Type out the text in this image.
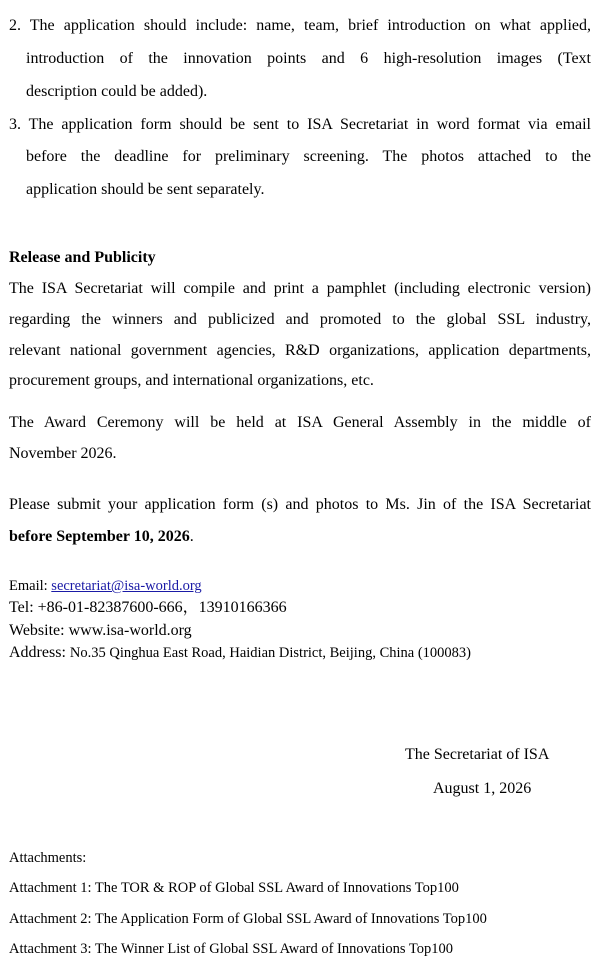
2. The application should include: name, team, brief introduction on what applied,
introduction of the innovation points and 6 high-resolution images (Text
description could be added).
3. The application form should be sent to ISA Secretariat in word format via email
before the deadline for preliminary screening. The photos attached to the
application should be sent separately.
Release and Publicity
The ISA Secretariat will compile and print a pamphlet (including electronic version)
regarding the winners and publicized and promoted to the global SSL industry,
relevant national government agencies, R&D organizations, application departments,
procurement groups, and international organizations, etc.
The Award Ceremony will be held at ISA General Assembly in the middle of
November 2026.
Please submit your application form (s) and photos to Ms. Jin of the ISA Secretariat
before September 10, 2026.
Email: secretariat@isa-world.org
Tel: +86-01-82387600-666，13910166366
Website: www.isa-world.org
Address: No.35 Qinghua East Road, Haidian District, Beijing, China (100083)
The Secretariat of ISA
August 1, 2026
Attachments:
Attachment 1: The TOR & ROP of Global SSL Award of Innovations Top100
Attachment 2: The Application Form of Global SSL Award of Innovations Top100
Attachment 3: The Winner List of Global SSL Award of Innovations Top100
